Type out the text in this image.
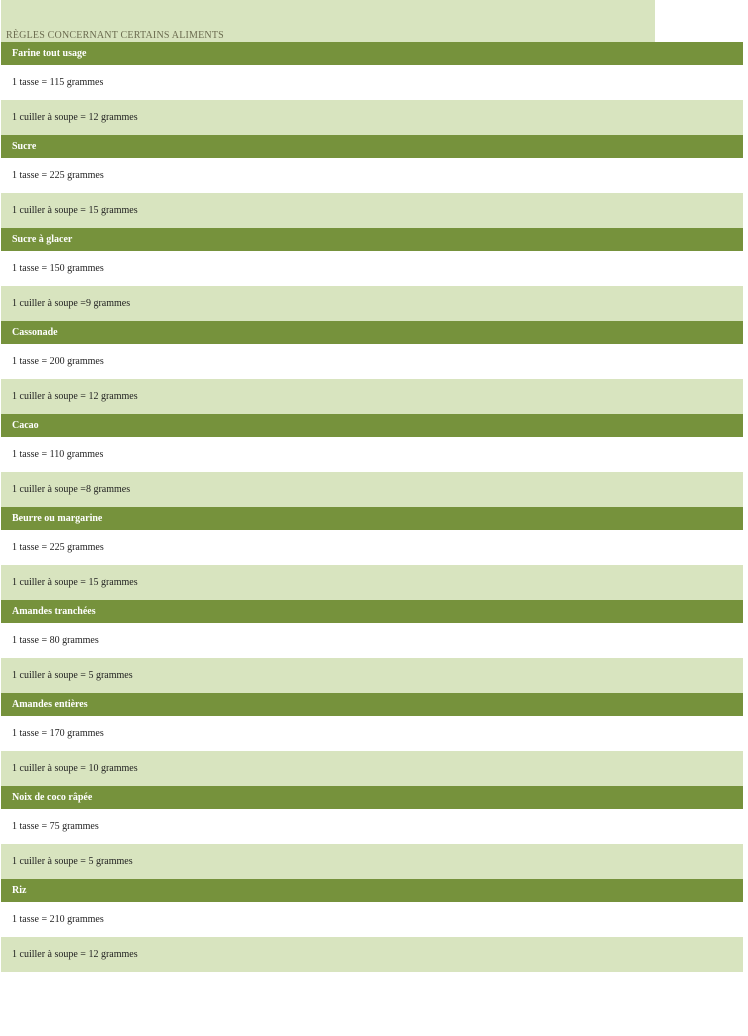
RÈGLES CONCERNANT CERTAINS ALIMENTS
Farine tout usage
1 tasse = 115 grammes
1 cuiller à soupe = 12 grammes
Sucre
1 tasse = 225 grammes
1 cuiller à soupe = 15 grammes
Sucre à glacer
1 tasse = 150 grammes
1 cuiller à soupe =9 grammes
Cassonade
1 tasse = 200 grammes
1 cuiller à soupe = 12 grammes
Cacao
1 tasse = 110 grammes
1 cuiller à soupe =8 grammes
Beurre ou margarine
1 tasse = 225 grammes
1 cuiller à soupe = 15 grammes
Amandes tranchées
1 tasse = 80 grammes
1 cuiller à soupe = 5 grammes
Amandes entières
1 tasse = 170 grammes
1 cuiller à soupe = 10 grammes
Noix de coco râpée
1 tasse = 75 grammes
1 cuiller à soupe = 5 grammes
Riz
1 tasse = 210 grammes
1 cuiller à soupe = 12 grammes
